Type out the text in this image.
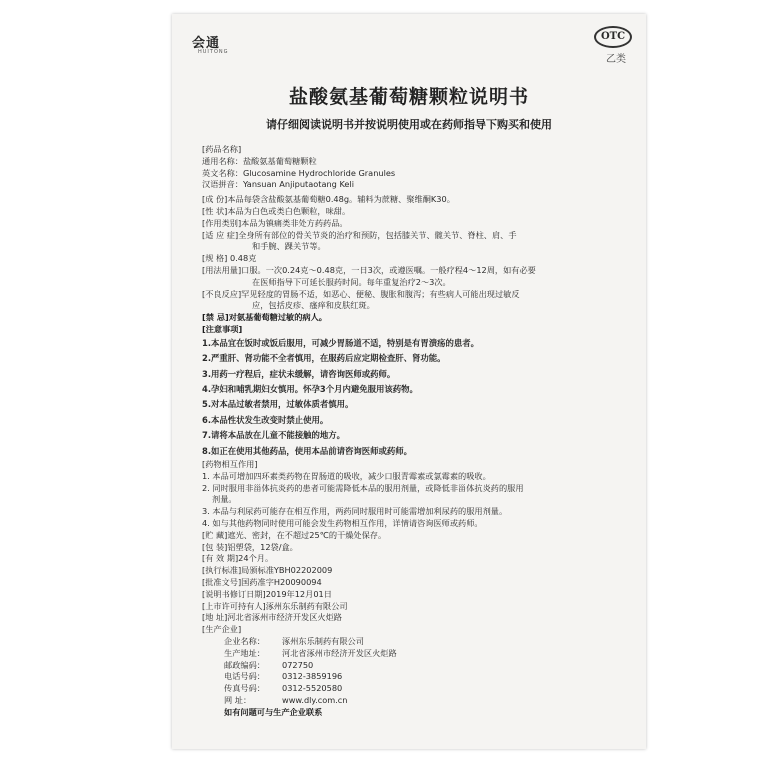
会通
HUITONG
OTC
乙类
盐酸氨基葡萄糖颗粒说明书
请仔细阅读说明书并按说明使用或在药师指导下购买和使用
[药品名称]
通用名称：盐酸氨基葡萄糖颗粒
英文名称：Glucosamine Hydrochloride Granules
汉语拼音：Yansuan Anjiputaotang Keli
[成 份]本品每袋含盐酸氨基葡萄糖0.48g。辅料为蔗糖、聚维酮K30。
[性 状]本品为白色或类白色颗粒，味甜。
[作用类别]本品为镇痛类非处方药药品。
[适 应 症]全身所有部位的骨关节炎的治疗和预防，包括膝关节、髋关节、脊柱、肩、手
和手腕、踝关节等。
[规 格] 0.48克
[用法用量]口服。一次0.24克～0.48克，一日3次，或遵医嘱。一般疗程4～12周，如有必要
在医师指导下可延长服药时间。每年重复治疗2～3次。
[不良反应]罕见轻度的胃肠不适，如恶心、便秘、腹胀和腹泻；有些病人可能出现过敏反
应，包括皮疹、瘙痒和皮肤红斑。
[禁 忌]对氨基葡萄糖过敏的病人。
[注意事项]
1.本品宜在饭时或饭后服用，可减少胃肠道不适，特别是有胃溃疡的患者。
2.严重肝、肾功能不全者慎用，在服药后应定期检查肝、肾功能。
3.用药一疗程后，症状未缓解，请咨询医师或药师。
4.孕妇和哺乳期妇女慎用。怀孕3个月内避免服用该药物。
5.对本品过敏者禁用，过敏体质者慎用。
6.本品性状发生改变时禁止使用。
7.请将本品放在儿童不能接触的地方。
8.如正在使用其他药品，使用本品前请咨询医师或药师。
[药物相互作用]
1. 本品可增加四环素类药物在胃肠道的吸收，减少口服青霉素或氯霉素的吸收。
2. 同时服用非甾体抗炎药的患者可能需降低本品的服用剂量，或降低非甾体抗炎药的服用
剂量。
3. 本品与利尿药可能存在相互作用，两药同时服用时可能需增加利尿药的服用剂量。
4. 如与其他药物同时使用可能会发生药物相互作用，详情请咨询医师或药师。
[贮 藏]遮光、密封，在不超过25℃的干燥处保存。
[包 装]铝塑袋，12袋/盒。
[有 效 期]24个月。
[执行标准]局颁标准YBH02202009
[批准文号]国药准字H20090094
[说明书修订日期]2019年12月01日
[上市许可持有人]涿州东乐制药有限公司
[地 址]河北省涿州市经济开发区火炬路
[生产企业]
企业名称： 涿州东乐制药有限公司
生产地址： 河北省涿州市经济开发区火炬路
邮政编码： 072750
电话号码： 0312-3859196
传真号码： 0312-5520580
网 址：	www.dly.com.cn
如有问题可与生产企业联系
